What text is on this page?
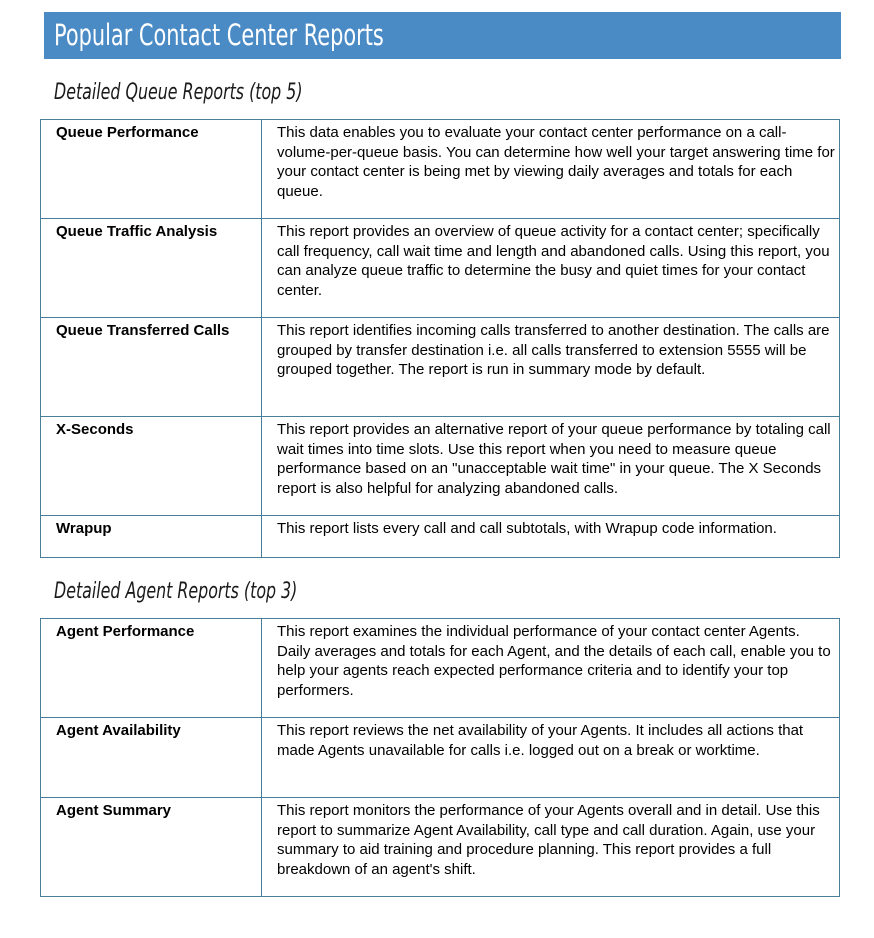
Popular Contact Center Reports
Detailed Queue Reports (top 5)
Queue Performance	This data enables you to evaluate your contact center performance on a call-volume-per-queue basis. You can determine how well your target answering time for your contact center is being met by viewing daily averages and totals for each queue.
Queue Traffic Analysis	This report provides an overview of queue activity for a contact center; specifically call frequency, call wait time and length and abandoned calls. Using this report, you can analyze queue traffic to determine the busy and quiet times for your contact center.
Queue Transferred Calls	This report identifies incoming calls transferred to another destination. The calls are grouped by transfer destination i.e. all calls transferred to extension 5555 will be grouped together. The report is run in summary mode by default.
X-Seconds	This report provides an alternative report of your queue performance by totaling call wait times into time slots. Use this report when you need to measure queue performance based on an "unacceptable wait time" in your queue. The X Seconds report is also helpful for analyzing abandoned calls.
Wrapup	This report lists every call and call subtotals, with Wrapup code information.
Detailed Agent Reports (top 3)
Agent Performance	This report examines the individual performance of your contact center Agents. Daily averages and totals for each Agent, and the details of each call, enable you to help your agents reach expected performance criteria and to identify your top performers.
Agent Availability	This report reviews the net availability of your Agents. It includes all actions that made Agents unavailable for calls i.e. logged out on a break or worktime.
Agent Summary	This report monitors the performance of your Agents overall and in detail. Use this report to summarize Agent Availability, call type and call duration. Again, use your summary to aid training and procedure planning. This report provides a full breakdown of an agent's shift.
